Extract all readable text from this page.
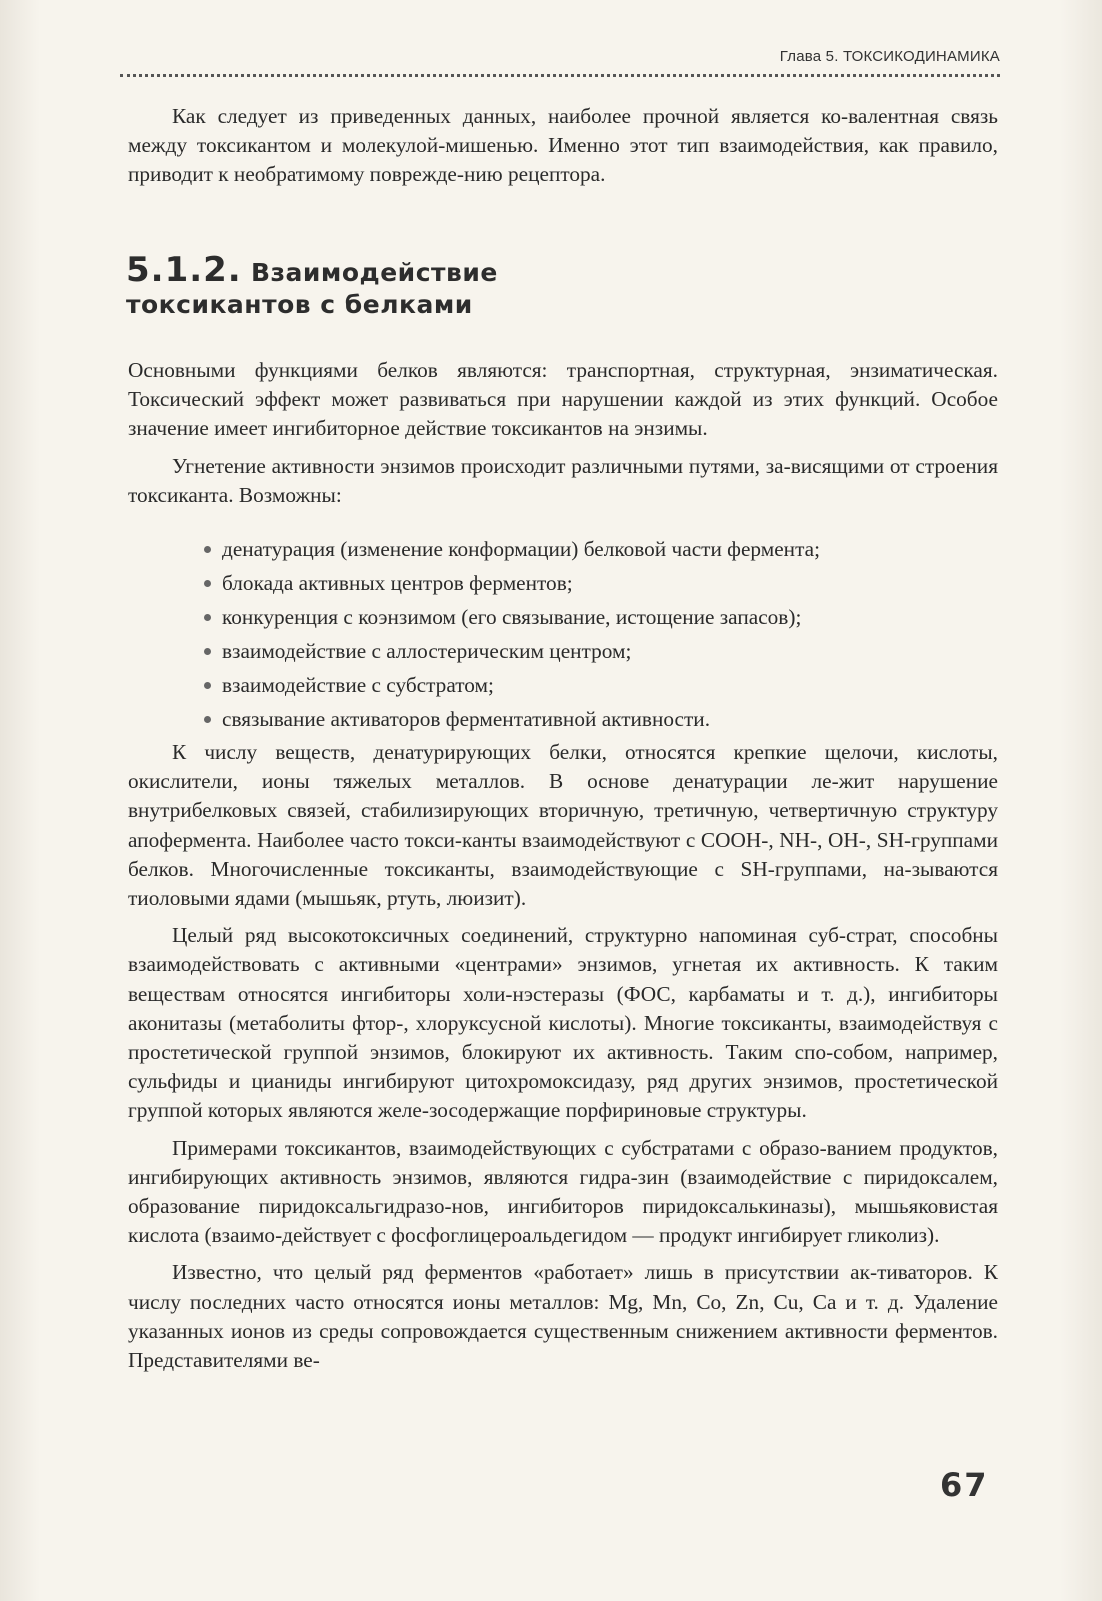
Глава 5. ТОКСИКОДИНАМИКА

Как следует из приведенных данных, наиболее прочной является ко-валентная связь между токсикантом и молекулой-мишенью. Именно этот тип взаимодействия, как правило, приводит к необратимому поврежде-нию рецептора.

5.1.2. Взаимодействие
токсикантов с белками

Основными функциями белков являются: транспортная, структурная, энзиматическая. Токсический эффект может развиваться при нарушении каждой из этих функций. Особое значение имеет ингибиторное действие токсикантов на энзимы.

Угнетение активности энзимов происходит различными путями, за-висящими от строения токсиканта. Возможны:

денатурация (изменение конформации) белковой части фермента;
блокада активных центров ферментов;
конкуренция с коэнзимом (его связывание, истощение запасов);
взаимодействие с аллостерическим центром;
взаимодействие с субстратом;
связывание активаторов ферментативной активности.

К числу веществ, денатурирующих белки, относятся крепкие щелочи, кислоты, окислители, ионы тяжелых металлов. В основе денатурации ле-жит нарушение внутрибелковых связей, стабилизирующих вторичную, третичную, четвертичную структуру апофермента. Наиболее часто токси-канты взаимодействуют с СООН-, NH-, ОН-, SH-группами белков. Многочисленные токсиканты, взаимодействующие с SH-группами, на-зываются тиоловыми ядами (мышьяк, ртуть, люизит).

Целый ряд высокотоксичных соединений, структурно напоминая суб-страт, способны взаимодействовать с активными «центрами» энзимов, угнетая их активность. К таким веществам относятся ингибиторы холи-нэстеразы (ФОС, карбаматы и т. д.), ингибиторы аконитазы (метаболиты фтор-, хлоруксусной кислоты). Многие токсиканты, взаимодействуя с простетической группой энзимов, блокируют их активность. Таким спо-собом, например, сульфиды и цианиды ингибируют цитохромоксидазу, ряд других энзимов, простетической группой которых являются желе-зосодержащие порфириновые структуры.

Примерами токсикантов, взаимодействующих с субстратами с образо-ванием продуктов, ингибирующих активность энзимов, являются гидра-зин (взаимодействие с пиридоксалем, образование пиридоксальгидразо-нов, ингибиторов пиридоксалькиназы), мышьяковистая кислота (взаимо-действует с фосфоглицероальдегидом — продукт ингибирует гликолиз).

Известно, что целый ряд ферментов «работает» лишь в присутствии ак-тиваторов. К числу последних часто относятся ионы металлов: Mg, Mn, Co, Zn, Cu, Ca и т. д. Удаление указанных ионов из среды сопровождается существенным снижением активности ферментов. Представителями ве-

67
